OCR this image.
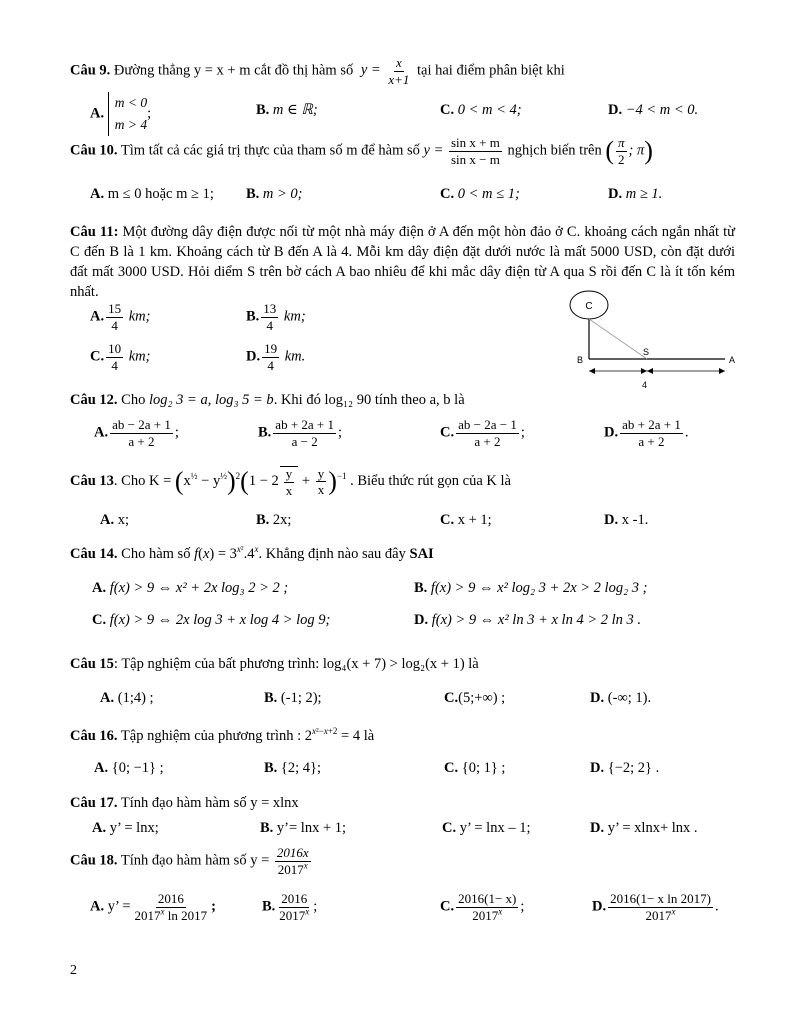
Câu 9. Đường thẳng y = x + m cắt đồ thị hàm số $y = \frac{x}{x+1}$ tại hai điểm phân biệt khi
A.
m < 0
m > 4
;	B. m ∈ ℝ;	C. 0 < m < 4;	D. −4 < m < 0.
Câu 10. Tìm tất cả các giá trị thực của tham số m để hàm số $y = \frac{\text{sin x + m}}{\text{sin x − m}}$ nghịch biến trên ( $\frac{\pi}{2}$ ; π)
A. m ≤ 0 hoặc m ≥ 1; B. m > 0;	C. 0 < m ≤ 1;	D. m ≥ 1.
Câu 11: Một đường dây điện được nối từ một nhà máy điện ở A đến một hòn đảo ở C. khoảng cách ngắn nhất từ C đến B là 1 km. Khoảng cách từ B đến A là 4. Mỗi km dây điện đặt dưới nước là mất 5000 USD, còn đặt dưới đất mất 3000 USD. Hỏi diểm S trên bờ cách A bao nhiêu để khi mắc dây điện từ A qua S rồi đến C là ít tốn kém nhất.
A. $\frac{15}{4}$ km;	B. $\frac{13}{4}$ km;
C. $\frac{10}{4}$ km;	D. $\frac{19}{4}$ km.
C
B
S
A
4
Câu 12. Cho log₂ 3 = a, log₃ 5 = b. Khi đó log₁₂ 90 tính theo a, b là
A. $\frac{ab - 2a + 1}{a + 2}$ ;	B. $\frac{ab + 2a + 1}{a - 2}$ ;	C. $\frac{ab - 2a - 1}{a + 2}$ ;	D. $\frac{ab + 2a + 1}{a + 2}$ .
Câu 13. Cho $K = (x^{\frac{1}{2}} - y^{\frac{1}{2}})^2(1 - 2 \frac{y}{x} + \frac{y}{x} )^{-1}$ . Biểu thức rút gọn của K là
A. x;	B. 2x;	C. x + 1;	D. x -1.
Câu 14. Cho hàm số $f(x) = 3^{x^2}.4^x$. Khẳng định nào sau đây SAI
A. f(x) > 9 ⇔ x² + 2x log₃ 2 > 2 ;	B. f(x) > 9 ⇔ x² log₂ 3 + 2x > 2 log₂ 3 ;
C. f(x) > 9 ⇔ 2x log 3 + x log 4 > log 9;	D. f(x) > 9 ⇔ x² ln 3 + x ln 4 > 2 ln 3 .
Câu 15: Tập nghiệm của bất phương trình: log₄(x + 7) > log₂(x + 1) là
A. (1;4) ;	B. (-1; 2);	C.(5;+∞) ;	D. (-∞; 1).
Câu 16. Tập nghiệm của phương trình : $2^{x^2-x+2} = 4$ là
A. {0; −1} ;	B. {2; 4};	C. {0; 1} ;	D. {−2; 2} .
Câu 17. Tính đạo hàm hàm số y = xlnx
A. y’ = lnx;	B. y’= lnx + 1;	C. y’ = lnx – 1;	D. y’ = xlnx+ lnx .
Câu 18. Tính đạo hàm hàm số $y = \frac{2016x}{2017^x}$
A. y’ = $\frac{2016}{2017^x \ln 2017}$ ;	B. $\frac{2016}{2017^x}$ ;	C. $\frac{2016(1- x)}{2017^x}$ ;	D. $\frac{\text{2016(1− x ln 2017)}}{2017^x}$ .
2
